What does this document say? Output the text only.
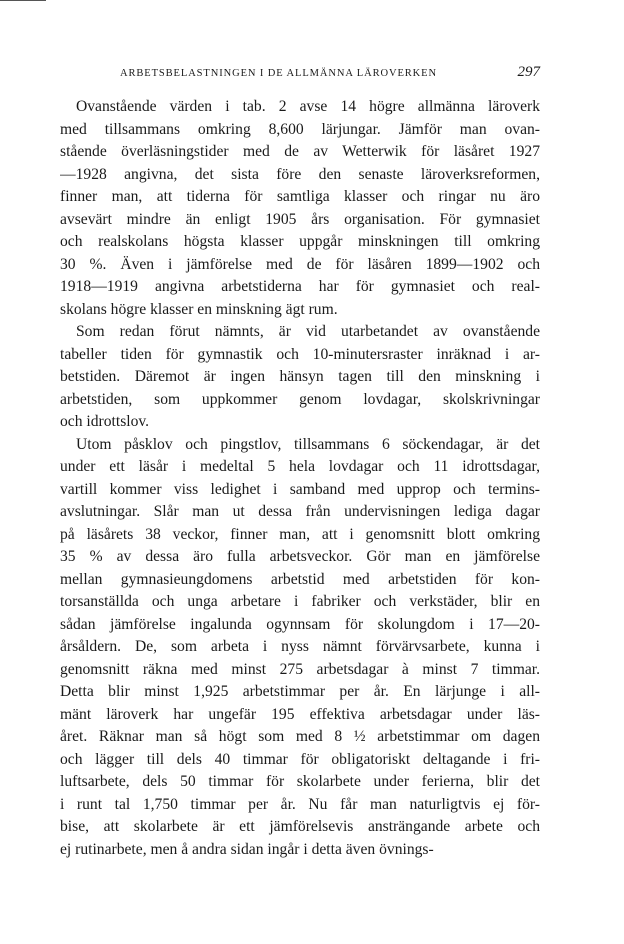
ARBETSBELASTNINGEN I DE ALLMÄNNA LÄROVERKEN	297
Ovanstående värden i tab. 2 avse 14 högre allmänna läroverk
med tillsammans omkring 8,600 lärjungar. Jämför man ovan-
stående överläsningstider med de av Wetterwik för läsåret 1927
—1928 angivna, det sista före den senaste läroverksreformen,
finner man, att tiderna för samtliga klasser och ringar nu äro
avsevärt mindre än enligt 1905 års organisation. För gymnasiet
och realskolans högsta klasser uppgår minskningen till omkring
30 %. Även i jämförelse med de för läsåren 1899—1902 och
1918—1919 angivna arbetstiderna har för gymnasiet och real-
skolans högre klasser en minskning ägt rum.
Som redan förut nämnts, är vid utarbetandet av ovanstående
tabeller tiden för gymnastik och 10-minutersraster inräknad i ar-
betstiden. Däremot är ingen hänsyn tagen till den minskning i
arbetstiden, som uppkommer genom lovdagar, skolskrivningar
och idrottslov.
Utom påsklov och pingstlov, tillsammans 6 söckendagar, är det
under ett läsår i medeltal 5 hela lovdagar och 11 idrottsdagar,
vartill kommer viss ledighet i samband med upprop och termins-
avslutningar. Slår man ut dessa från undervisningen lediga dagar
på läsårets 38 veckor, finner man, att i genomsnitt blott omkring
35 % av dessa äro fulla arbetsveckor. Gör man en jämförelse
mellan gymnasieungdomens arbetstid med arbetstiden för kon-
torsanställda och unga arbetare i fabriker och verkstäder, blir en
sådan jämförelse ingalunda ogynnsam för skolungdom i 17—20-
årsåldern. De, som arbeta i nyss nämnt förvärvsarbete, kunna i
genomsnitt räkna med minst 275 arbetsdagar à minst 7 timmar.
Detta blir minst 1,925 arbetstimmar per år. En lärjunge i all-
mänt läroverk har ungefär 195 effektiva arbetsdagar under läs-
året. Räknar man så högt som med 8 ½ arbetstimmar om dagen
och lägger till dels 40 timmar för obligatoriskt deltagande i fri-
luftsarbete, dels 50 timmar för skolarbete under ferierna, blir det
i runt tal 1,750 timmar per år. Nu får man naturligtvis ej för-
bise, att skolarbete är ett jämförelsevis ansträngande arbete och
ej rutinarbete, men å andra sidan ingår i detta även övnings-
